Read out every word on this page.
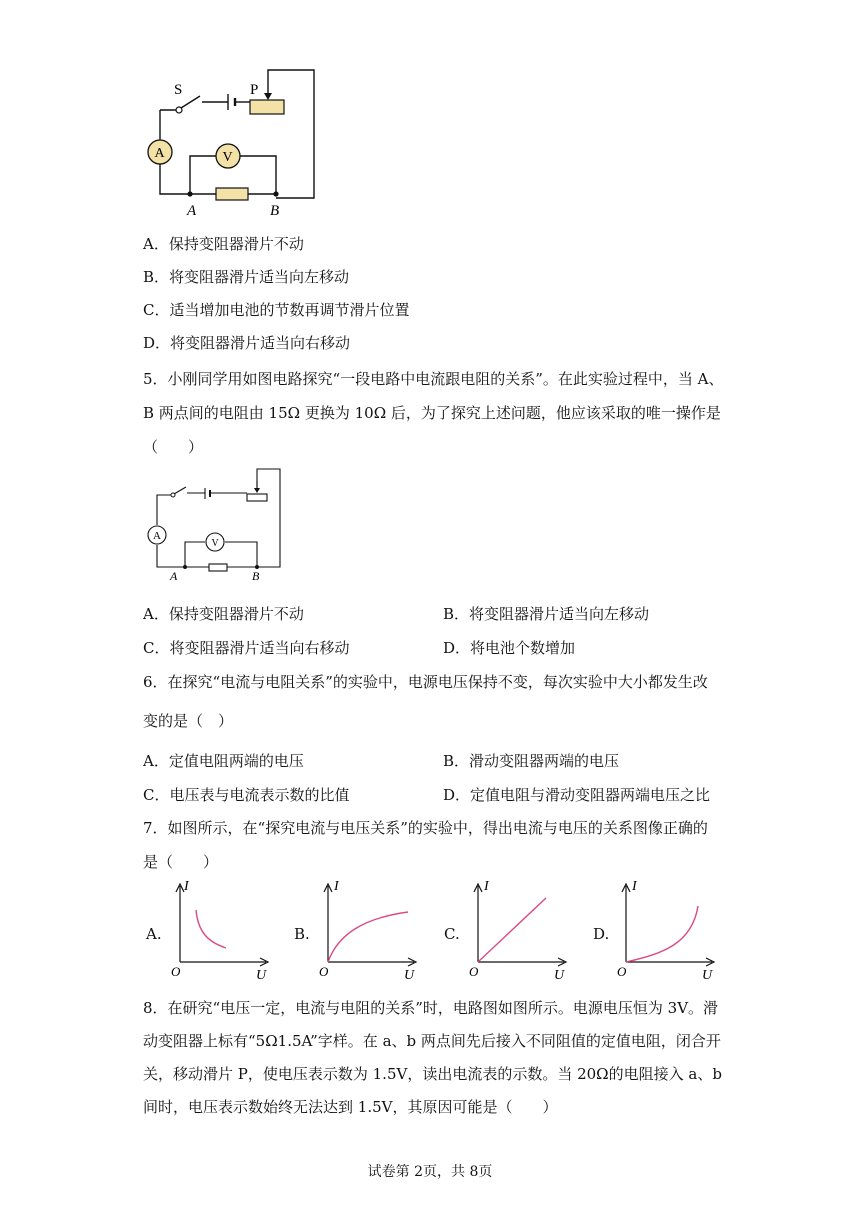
S	P
A	V
A	B
A．保持变阻器滑片不动
B．将变阻器滑片适当向左移动
C．适当增加电池的节数再调节滑片位置
D．将变阻器滑片适当向右移动
5．小刚同学用如图电路探究“一段电路中电流跟电阻的关系”。在此实验过程中，当 A、
B 两点间的电阻由 15Ω 更换为 10Ω 后，为了探究上述问题，他应该采取的唯一操作是
（　　）
A
V
A	B
A．保持变阻器滑片不动	B．将变阻器滑片适当向左移动
C．将变阻器滑片适当向右移动	D．将电池个数增加
6．在探究“电流与电阻关系”的实验中，电源电压保持不变，每次实验中大小都发生改
变的是（　）
A．定值电阻两端的电压	B．滑动变阻器两端的电压
C．电压表与电流表示数的比值	D．定值电阻与滑动变阻器两端电压之比
7．如图所示，在“探究电流与电压关系”的实验中，得出电流与电压的关系图像正确的
是（　　）
A.	B.	C.	D.
I
U
O
I
U
O
I
U
O
I
U
O
8．在研究“电压一定，电流与电阻的关系”时，电路图如图所示。电源电压恒为 3V。滑
动变阻器上标有“5Ω1.5A”字样。在 a、b 两点间先后接入不同阻值的定值电阻，闭合开
关，移动滑片 P，使电压表示数为 1.5V，读出电流表的示数。当 20Ω的电阻接入 a、b
间时，电压表示数始终无法达到 1.5V，其原因可能是（　　）
试卷第 2页，共 8页
